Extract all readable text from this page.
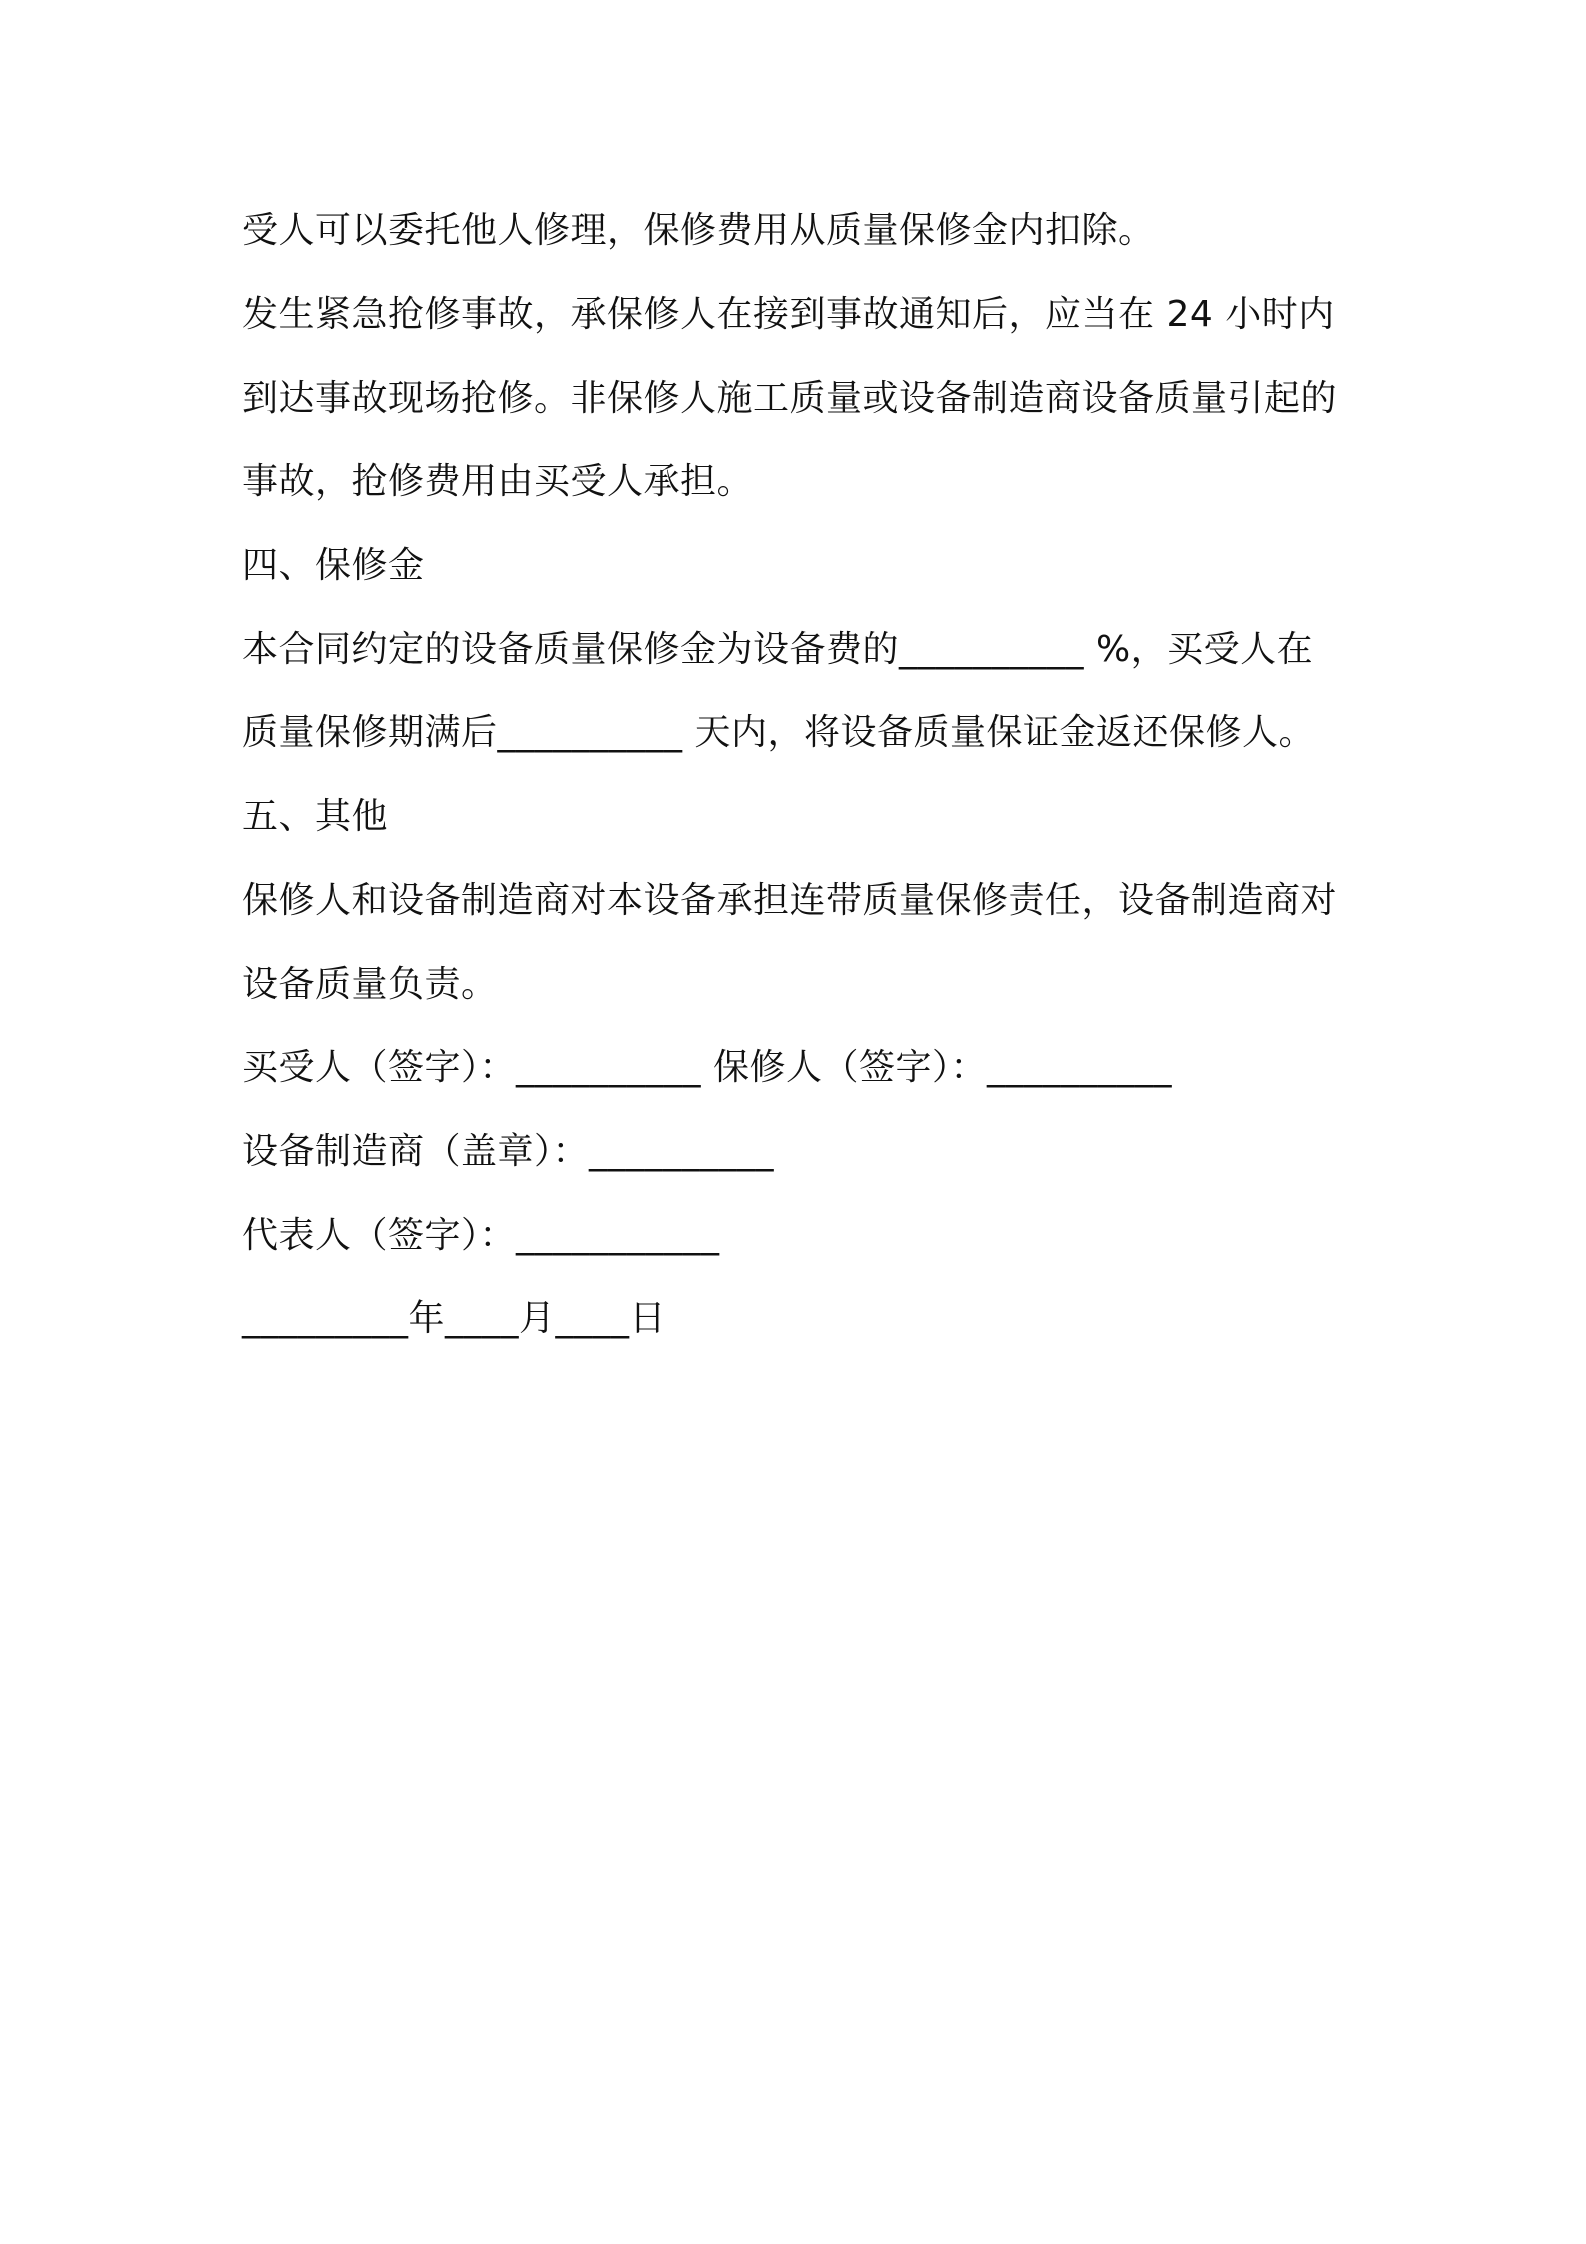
受人可以委托他人修理，保修费用从质量保修金内扣除。
发生紧急抢修事故，承保修人在接到事故通知后，应当在 24 小时内
到达事故现场抢修。非保修人施工质量或设备制造商设备质量引起的
事故，抢修费用由买受人承担。
四、保修金
本合同约定的设备质量保修金为设备费的__________ %，买受人在
质量保修期满后__________ 天内，将设备质量保证金返还保修人。
五、其他
保修人和设备制造商对本设备承担连带质量保修责任，设备制造商对
设备质量负责。
买受人（签字）：__________ 保修人（签字）：__________
设备制造商（盖章）：__________
代表人（签字）：___________
_________年____月____日
